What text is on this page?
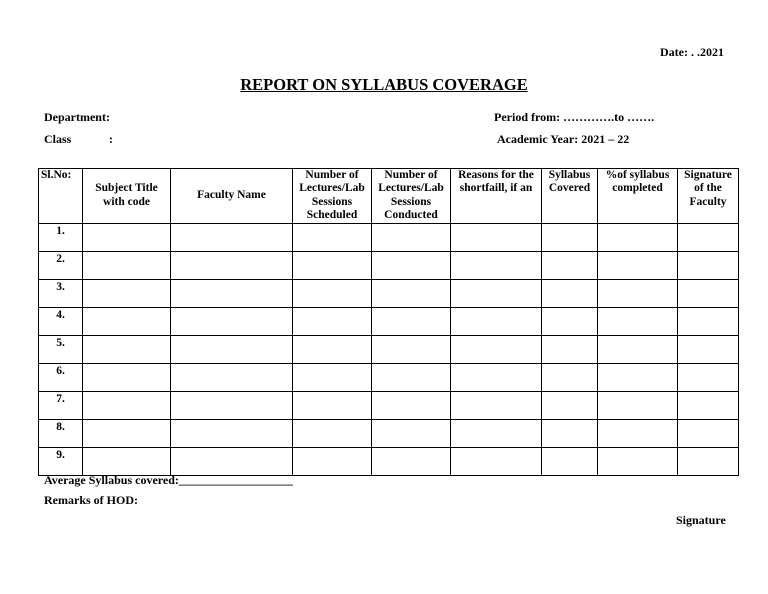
Date: . .2021
REPORT ON SYLLABUS COVERAGE
Department:
Class	:
Period from: ………….to …….
Academic Year: 2021 – 22
Sl.No:	Subject Title with code	Faculty Name	Number of Lectures/Lab Sessions Scheduled	Number of Lectures/Lab Sessions Conducted	Reasons for the shortfaill, if an	Syllabus Covered	%of syllabus completed	Signature of the Faculty
1.								
2.								
3.								
4.								
5.								
6.								
7.								
8.								
9.								
Average Syllabus covered:___________________
Remarks of HOD:
Signature
